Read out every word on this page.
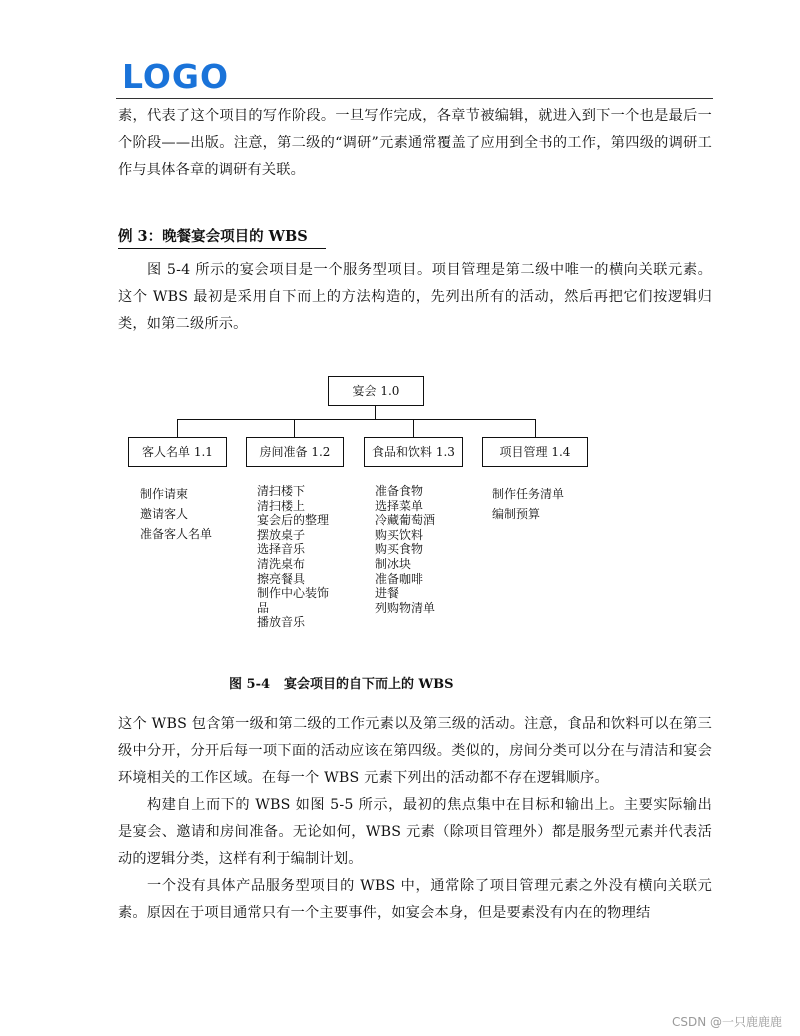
LOGO

素，代表了这个项目的写作阶段。一旦写作完成，各章节被编辑，就进入到下一个也是最后一个阶段——出版。注意，第二级的“调研”元素通常覆盖了应用到全书的工作，第四级的调研工作与具体各章的调研有关联。

例 3：晚餐宴会项目的 WBS

图 5-4 所示的宴会项目是一个服务型项目。项目管理是第二级中唯一的横向关联元素。这个 WBS 最初是采用自下而上的方法构造的，先列出所有的活动，然后再把它们按逻辑归类，如第二级所示。

宴会 1.0
客人名单 1.1	房间准备 1.2	食品和饮料 1.3	项目管理 1.4
制作请柬
邀请客人
准备客人名单
清扫楼下
清扫楼上
宴会后的整理
摆放桌子
选择音乐
清洗桌布
擦亮餐具
制作中心装饰
品
播放音乐
准备食物
选择菜单
冷藏葡萄酒
购买饮料
购买食物
制冰块
准备咖啡
进餐
列购物清单
制作任务清单
编制预算

图 5-4 宴会项目的自下而上的 WBS

这个 WBS 包含第一级和第二级的工作元素以及第三级的活动。注意，食品和饮料可以在第三级中分开，分开后每一项下面的活动应该在第四级。类似的，房间分类可以分在与清洁和宴会环境相关的工作区域。在每一个 WBS 元素下列出的活动都不存在逻辑顺序。

构建自上而下的 WBS 如图 5-5 所示，最初的焦点集中在目标和输出上。主要实际输出是宴会、邀请和房间准备。无论如何，WBS 元素（除项目管理外）都是服务型元素并代表活动的逻辑分类，这样有利于编制计划。

一个没有具体产品服务型项目的 WBS 中，通常除了项目管理元素之外没有横向关联元素。原因在于项目通常只有一个主要事件，如宴会本身，但是要素没有内在的物理结

CSDN @一只鹿鹿鹿
